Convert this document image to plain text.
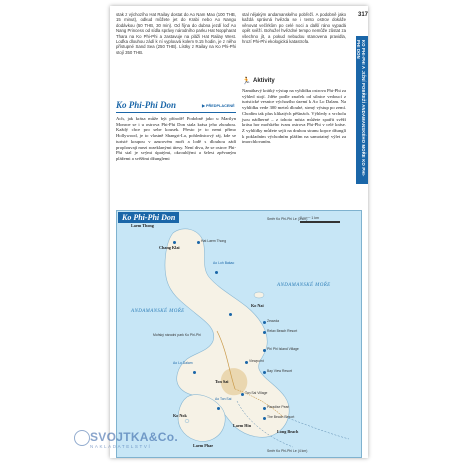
stak z výchozího Hat Railay dostat do Ao Nam Mao (100 THB, 15 minut), odkud můžete jet do Krabi nebo Ao Nangu dodávkou (50 THB, 30 min). Od října do dubna jezdí loď Ao Nang Princess od sídla správy národního parku Hat Noppharat Thara na Ko Phi-Phi a zastavuje na pláži Hat Railay West. Loďka dlouhou zádí k ní vyplouvá kolem 9.15 hodin, je z něho přístupné Sand Sea (250 THB). Lístky z Railay na Ko Phi-Phi stojí 350 THB.
Ko Phi-Phi Don	▶ PŘEDPLACENÉ
Ach, jak krása může být přírodě! Podobně jako u Marilyn Monroe se i u ostrova Phi-Phi Don stala krása jeho zhoubou. Každý chce pro sebe kousek. Přesto je to nemi přímo Hollywood, je to vlastně Shangri-La, pohlednicový ráj, kde se turisté koupou v azurovém moři a lodě s dlouhou zádí proplouvají mezi rozeklanými útesy. Není divu, že se ostrov Phi-Phi stal je svými úpatými, okrouhlými a šelest zpěvaným plážemi a svěžími džunglemi
317
stal nějakým andamanského pobřeží. A podobně jako každá správná hvězda se i tento ostrov dokáže věnovat večírkům po celé noci a další ráno vypadá opět svěží. Bohužel hvězdné tempo nemůže zůstat za všechno jít, a pokud nebudou stanovena pravidla, hrozí Phi-Phi ekologická katastrofa.
🏃 Aktivity
Namáhavý krátký výstup na vyhlídku ostrova Phi-Phi za výhled stojí. Jděte podle značek od silnice vedoucí z turistické vesnice výchozího území k Ao Lo Dalam. Na vyhlídku vede 300 metrů dlouhé, strmý výstup po zemí. Chodím tak plus klikatých pěšinách. Výhledy z vrcholu jsou nádherné – z tohoto místa můžete spatřit svěží krásu hor mořského tvaru ostrova Phi-Phi v celé kráse. Z vyhlídky můžete sejít na druhou stranu kopce džunglí k pokladním východním plážím na samotatný výlet za imorchlovaním.	KO PHI-PHI A JIŽNÍ POBŘEŽÍ ANDAMANSKÉHO MOŘE KO PHI-PHI DON
Ko Phi-Phi Don	0 ─── 1 km
Laem Thong
Hat Laem Thong
Chang Klai
Ao Loh Bakao
ANDAMANSKÉ MOŘE
ANDAMANSKÉ MOŘE
Ko Nai
Mořský národní park Ko Phi-Phi
Ao Lo Dalam
Zeavola
Relax Beach Resort
Phi Phi Island Village
Viewpoint
Bay View Resort
Ton Sai
Ton Sai Village
Ao Ton Sai
Paradise Pearl
The Beach Resort
Laem Hin
Ko Nok
Long Beach
Laem Phae
Směr Ko Phi-Phi Le (3 km)
Směr Ko Phi-Phi Le (4 km)
SVOJTKA&Co.
NAKLADATELSTVÍ
